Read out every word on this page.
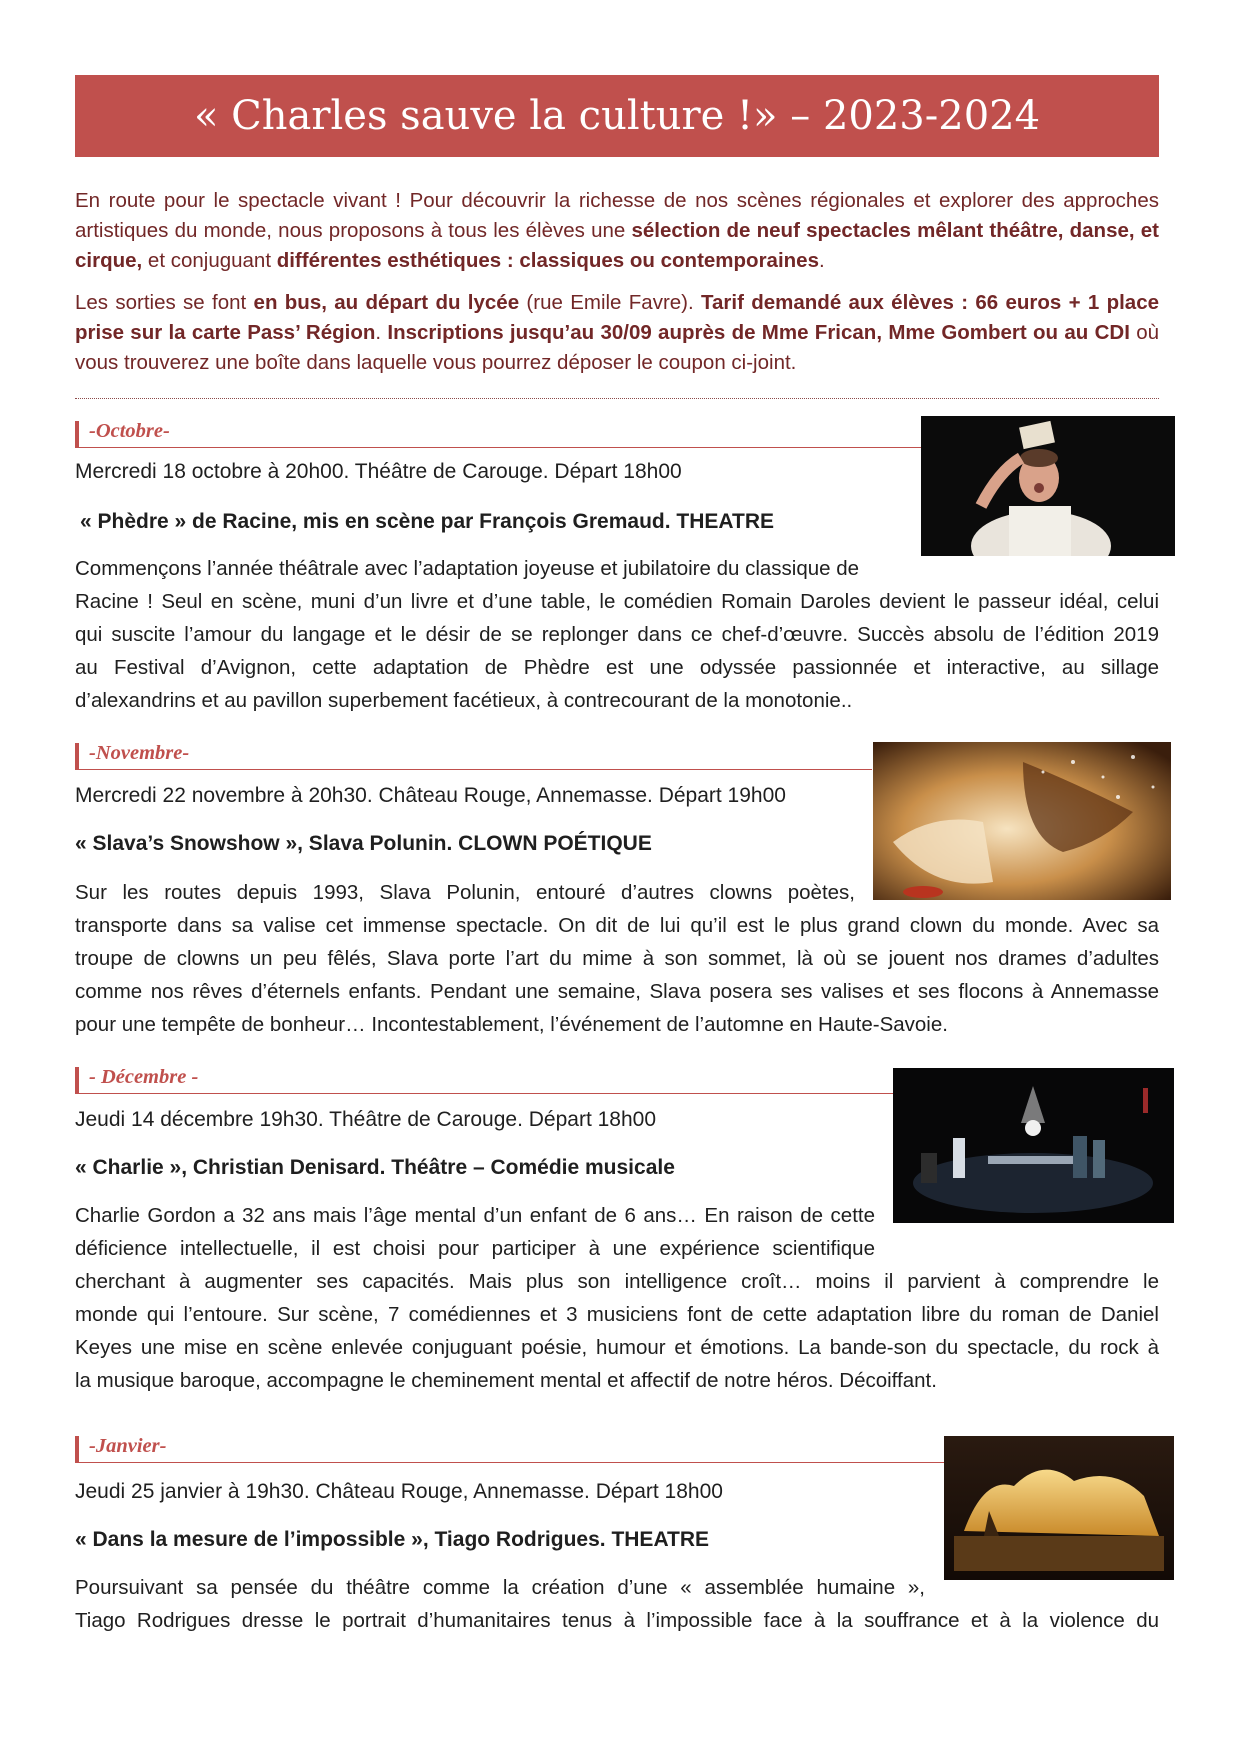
« Charles sauve la culture !» – 2023-2024

En route pour le spectacle vivant ! Pour découvrir la richesse de nos scènes régionales et explorer des approches artistiques du monde, nous proposons à tous les élèves une sélection de neuf spectacles mêlant théâtre, danse, et cirque, et conjuguant différentes esthétiques : classiques ou contemporaines.

Les sorties se font en bus, au départ du lycée (rue Emile Favre). Tarif demandé aux élèves : 66 euros + 1 place prise sur la carte Pass’ Région. Inscriptions jusqu’au 30/09 auprès de Mme Frican, Mme Gombert ou au CDI où vous trouverez une boîte dans laquelle vous pourrez déposer le coupon ci-joint.

-Octobre-
Mercredi 18 octobre à 20h00. Théâtre de Carouge. Départ 18h00
« Phèdre » de Racine, mis en scène par François Gremaud. THEATRE
Commençons l’année théâtrale avec l’adaptation joyeuse et jubilatoire du classique de
Racine ! Seul en scène, muni d’un livre et d’une table, le comédien Romain Daroles devient le passeur idéal, celui
qui suscite l’amour du langage et le désir de se replonger dans ce chef-d’œuvre. Succès absolu de l’édition 2019
au Festival d’Avignon, cette adaptation de Phèdre est une odyssée passionnée et interactive, au sillage
d’alexandrins et au pavillon superbement facétieux, à contrecourant de la monotonie..
-Novembre-
Mercredi 22 novembre à 20h30. Château Rouge, Annemasse. Départ 19h00
« Slava’s Snowshow », Slava Polunin. CLOWN POÉTIQUE
Sur les routes depuis 1993, Slava Polunin, entouré d’autres clowns poètes,
transporte dans sa valise cet immense spectacle. On dit de lui qu’il est le plus grand clown du monde. Avec sa
troupe de clowns un peu fêlés, Slava porte l’art du mime à son sommet, là où se jouent nos drames d’adultes
comme nos rêves d’éternels enfants. Pendant une semaine, Slava posera ses valises et ses flocons à Annemasse
pour une tempête de bonheur… Incontestablement, l’événement de l’automne en Haute-Savoie.
- Décembre -
Jeudi 14 décembre 19h30. Théâtre de Carouge. Départ 18h00
« Charlie », Christian Denisard. Théâtre – Comédie musicale
Charlie Gordon a 32 ans mais l’âge mental d’un enfant de 6 ans… En raison de cette
déficience intellectuelle, il est choisi pour participer à une expérience scientifique
cherchant à augmenter ses capacités. Mais plus son intelligence croît… moins il parvient à comprendre le
monde qui l’entoure. Sur scène, 7 comédiennes et 3 musiciens font de cette adaptation libre du roman de Daniel
Keyes une mise en scène enlevée conjuguant poésie, humour et émotions. La bande-son du spectacle, du rock à
la musique baroque, accompagne le cheminement mental et affectif de notre héros. Décoiffant.
-Janvier-
Jeudi 25 janvier à 19h30. Château Rouge, Annemasse. Départ 18h00
« Dans la mesure de l’impossible », Tiago Rodrigues. THEATRE
Poursuivant sa pensée du théâtre comme la création d’une « assemblée humaine »,
Tiago Rodrigues dresse le portrait d’humanitaires tenus à l’impossible face à la souffrance et à la violence du
